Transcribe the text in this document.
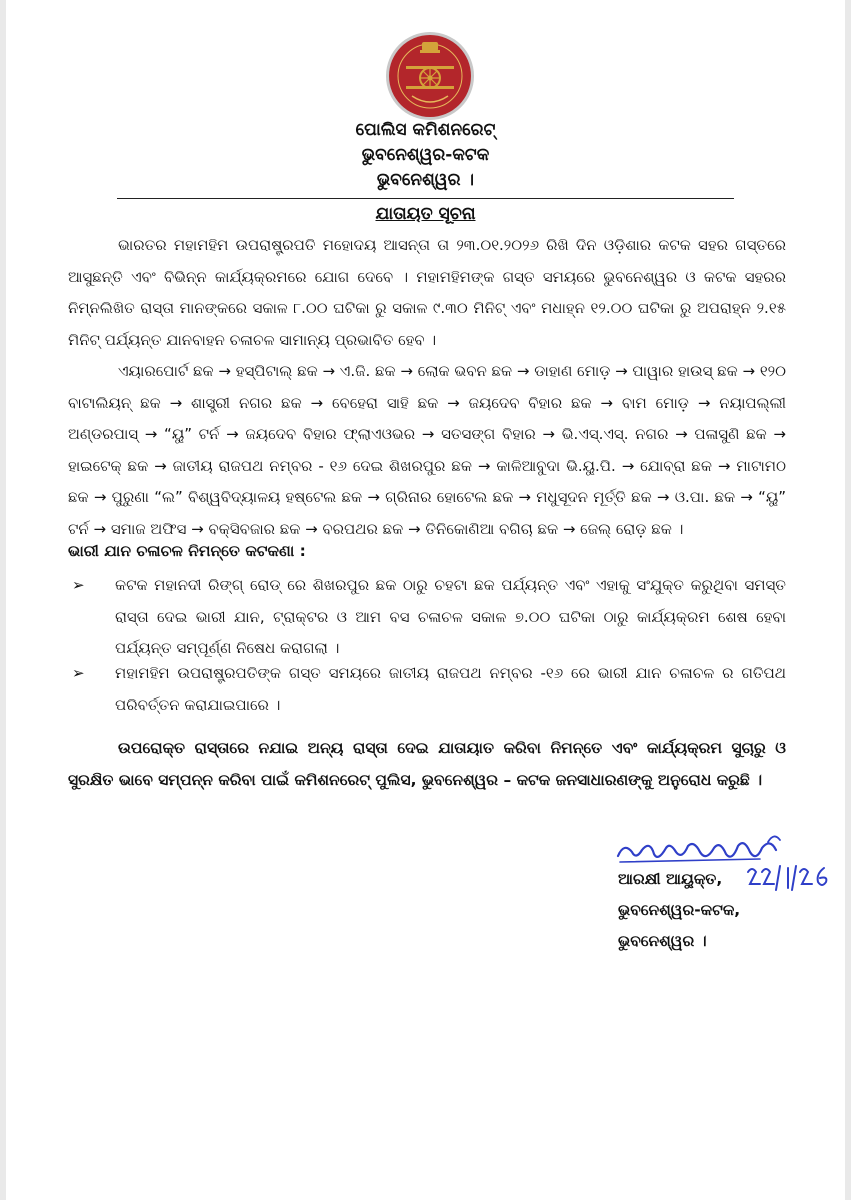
ପୋଲିସ କମିଶନରେଟ୍
ଭୁବନେଶ୍ୱର-କଟକ
ଭୁବନେଶ୍ୱର ।
ଯାତାୟତ ସୂଚନା
ଭାରତର ମହାମହିମ ଉପରାଷ୍ଟ୍ରପତି ମହୋଦୟ ଆସନ୍ତା ତା ୨୩.୦୧.୨୦୨୬ ରିଖି ଦିନ ଓଡ଼ିଶାର କଟକ ସହର ଗସ୍ତରେ ଆସୁଛନ୍ତି ଏବଂ ବିଭିନ୍ନ କାର୍ଯ୍ୟକ୍ରମରେ ଯୋଗ ଦେବେ । ମହାମହିମଙ୍କ ଗସ୍ତ ସମୟରେ ଭୁବନେଶ୍ୱର ଓ କଟକ ସହରର ନିମ୍ନଲିଖିତ ରାସ୍ତା ମାନଙ୍କରେ ସକାଳ ୮.୦୦ ଘଟିକା ରୁ ସକାଳ ୯.୩୦ ମିନିଟ୍ ଏବଂ ମଧାହ୍ନ ୧୨.୦୦ ଘଟିକା ରୁ ଅପରାହ୍ନ ୨.୧୫ ମିନିଟ୍ ପର୍ଯ୍ୟନ୍ତ ଯାନବାହନ ଚଳାଚଳ ସାମାନ୍ୟ ପ୍ରଭାବିତ ହେବ ।
ଏୟାରପୋର୍ଟ ଛକ → ହସ୍ପିଟାଲ୍ ଛକ → ଏ.ଜି. ଛକ → ଲୋକ ଭବନ ଛକ → ଡାହାଣ ମୋଡ଼ → ପାୱାର ହାଉସ୍ ଛକ → ୧୨୦ ବାଟାଲିୟନ୍ ଛକ → ଶାସ୍ତ୍ରୀ ନଗର ଛକ → ବେହେରା ସାହି ଛକ → ଜୟଦେବ ବିହାର ଛକ → ବାମ ମୋଡ଼ → ନୟାପଲ୍ଲୀ ଅଣ୍ଡରପାସ୍ → “ୟୁ” ଟର୍ନ → ଜୟଦେବ ବିହାର ଫ୍ଲାଏଓଭର → ସତସଙ୍ଗ ବିହାର → ଭି.ଏସ୍.ଏସ୍. ନଗର → ପଳାସୁଣି ଛକ → ହାଇଟେକ୍ ଛକ → ଜାତୀୟ ରାଜପଥ ନମ୍ବର - ୧୬ ଦେଇ ଶିଖରପୁର ଛକ → କାଳିଆବୁଦା ଭି.ୟୁ.ପି. → ଯୋବ୍ରା ଛକ → ମାଟାମଠ ଛକ → ପୁରୁଣା “ଲ” ବିଶ୍ୱବିଦ୍ୟାଳୟ ହଷ୍ଟେଲ ଛକ → ଗ୍ରିନାର ହୋଟେଲ ଛକ → ମଧୁସୂଦନ ମୂର୍ତ୍ତି ଛକ → ଓ.ପା. ଛକ → “ୟୁ” ଟର୍ନ → ସମାଜ ଅଫିସ → ବକ୍ସିବଜାର ଛକ → ବରପଥର ଛକ → ତିନିକୋଣିଆ ବଗିଚା ଛକ → ଜେଲ୍ ରୋଡ଼ ଛକ ।
ଭାରୀ ଯାନ ଚଳାଚଳ ନିମନ୍ତେ କଟକଣା :
➢ କଟକ ମହାନଦୀ ରିଙ୍ଗ୍ ରୋଡ୍ ରେ ଶିଖରପୁର ଛକ ଠାରୁ ଚହଟା ଛକ ପର୍ଯ୍ୟନ୍ତ ଏବଂ ଏହାକୁ ସଂଯୁକ୍ତ କରୁଥିବା ସମସ୍ତ ରାସ୍ତା ଦେଇ ଭାରୀ ଯାନ, ଟ୍ରାକ୍ଟର ଓ ଆମ ବସ ଚଳାଚଳ ସକାଳ ୭.୦୦ ଘଟିକା ଠାରୁ କାର୍ଯ୍ୟକ୍ରମ ଶେଷ ହେବା ପର୍ଯ୍ୟନ୍ତ ସମ୍ପୂର୍ଣ୍ଣ ନିଷେଧ କରାଗଲା ।
➢ ମହାମହିମ ଉପରାଷ୍ଟ୍ରପତିଙ୍କ ଗସ୍ତ ସମୟରେ ଜାତୀୟ ରାଜପଥ ନମ୍ବର -୧୬ ରେ ଭାରୀ ଯାନ ଚଳାଚଳ ର ଗତିପଥ ପରିବର୍ତ୍ତନ କରାଯାଇପାରେ ।
ଉପରୋକ୍ତ ରାସ୍ତାରେ ନଯାଇ ଅନ୍ୟ ରାସ୍ତା ଦେଇ ଯାତାୟାତ କରିବା ନିମନ୍ତେ ଏବଂ କାର୍ଯ୍ୟକ୍ରମ ସୁଚାରୁ ଓ ସୁରକ୍ଷିତ ଭାବେ ସମ୍ପନ୍ନ କରିବା ପାଇଁ କମିଶନରେଟ୍ ପୁଲିସ, ଭୁବନେଶ୍ୱର – କଟକ ଜନସାଧାରଣଙ୍କୁ ଅନୁରୋଧ କରୁଛି ।
ଆରକ୍ଷୀ ଆୟୁକ୍ତ,
ଭୁବନେଶ୍ୱର-କଟକ,
ଭୁବନେଶ୍ୱର ।
